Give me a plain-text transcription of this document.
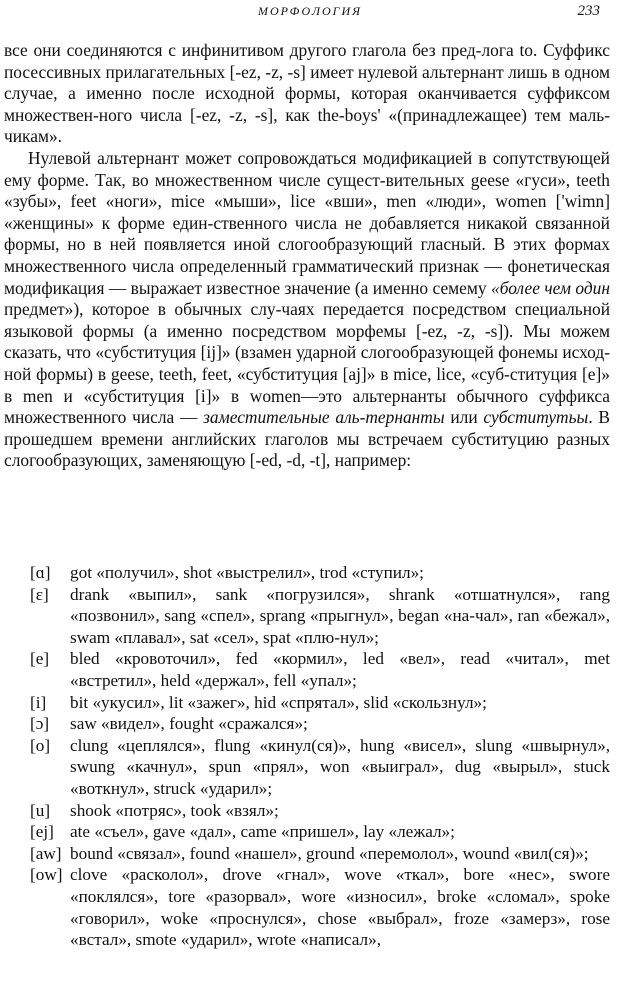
МОРФОЛОГИЯ	233

все они соединяются с инфинитивом другого глагола без пред-лога to. Суффикс посессивных прилагательных [-ez, -z, -s] имеет нулевой альтернант лишь в одном случае, а именно после исходной формы, которая оканчивается суффиксом множествен-ного числа [-ez, -z, -s], как the-boys' «(принадлежащее) тем маль-чикам».

Нулевой альтернант может сопровождаться модификацией в сопутствующей ему форме. Так, во множественном числе сущест-вительных geese «гуси», teeth «зубы», feet «ноги», mice «мыши», lice «вши», men «люди», women ['wimn] «женщины» к форме един-ственного числа не добавляется никакой связанной формы, но в ней появляется иной слогообразующий гласный. В этих формах множественного числа определенный грамматический признак — фонетическая модификация — выражает известное значение (а именно семему «более чем один предмет»), которое в обычных слу-чаях передается посредством специальной языковой формы (а именно посредством морфемы [-ez, -z, -s]). Мы можем сказать, что «субституция [ij]» (взамен ударной слогообразующей фонемы исход-ной формы) в geese, teeth, feet, «субституция [aj]» в mice, lice, «суб-ституция [e]» в men и «субституция [i]» в women—это альтернанты обычного суффикса множественного числа — заместительные аль-тернанты или субститутьы. В прошедшем времени английских глаголов мы встречаем субституцию разных слогообразующих, заменяющую [-ed, -d, -t], например:

[ɑ]	got «получил», shot «выстрелил», trod «ступил»;
[ɛ]	drank «выпил», sank «погрузился», shrank «отшатнулся», rang «позвонил», sang «спел», sprang «прыгнул», began «на-чал», ran «бежал», swam «плавал», sat «сел», spat «плю-нул»;
[e]	bled «кровоточил», fed «кормил», led «вел», read «читал», met «встретил», held «держал», fell «упал»;
[i]	bit «укусил», lit «зажег», hid «спрятал», slid «скользнул»;
[ɔ]	saw «видел», fought «сражался»;
[o]	clung «цеплялся», flung «кинул(ся)», hung «висел», slung «швырнул», swung «качнул», spun «прял», won «выиграл», dug «вырыл», stuck «воткнул», struck «ударил»;
[u]	shook «потряс», took «взял»;
[ej] ate «съел», gave «дал», came «пришел», lay «лежал»;
[aw] bound «связал», found «нашел», ground «перемолол», wound «вил(ся)»;
[ow] clove «расколол», drove «гнал», wove «ткал», bore «нес», swore «поклялся», tore «разорвал», wore «износил», broke «сломал», spoke «говорил», woke «проснулся», chose «выбрал», froze «замерз», rose «встал», smote «ударил», wrote «написал»,
